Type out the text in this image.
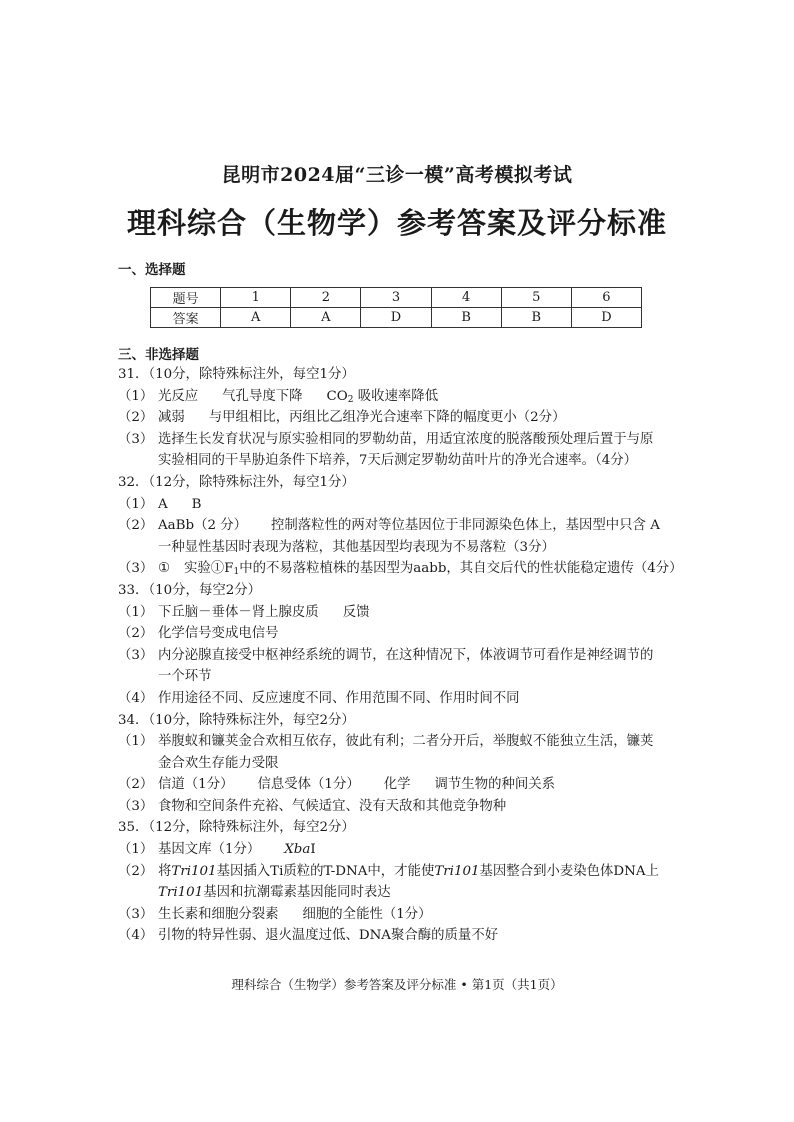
昆明市2024届“三诊一模”高考模拟考试
理科综合（生物学）参考答案及评分标准
一、选择题
题号	1	2	3	4	5	6
答案	A	A	D	B	B	D
三、非选择题
31．（10分，除特殊标注外，每空1分）
（1） 光反应 气孔导度下降 $CO_2$ 吸收速率降低
（2） 减弱 与甲组相比，丙组比乙组净光合速率下降的幅度更小（2分）
（3） 选择生长发育状况与原实验相同的罗勒幼苗，用适宜浓度的脱落酸预处理后置于与原
实验相同的干旱胁迫条件下培养，7天后测定罗勒幼苗叶片的净光合速率。（4分）
32．（12分，除特殊标注外，每空1分）
（1） A B
（2） AaBb（2 分） 控制落粒性的两对等位基因位于非同源染色体上，基因型中只含 A
一种显性基因时表现为落粒，其他基因型均表现为不易落粒（3分）
（3） ① 实验$①F_1$中的不易落粒植株的基因型为aabb，其自交后代的性状能稳定遗传（4分）
33．（10分，每空2分）
（1） 下丘脑－垂体－肾上腺皮质 反馈
（2） 化学信号变成电信号
（3） 内分泌腺直接受中枢神经系统的调节，在这种情况下，体液调节可看作是神经调节的
一个环节
（4） 作用途径不同、反应速度不同、作用范围不同、作用时间不同
34．（10分，除特殊标注外，每空2分）
（1） 举腹蚁和镰荚金合欢相互依存，彼此有利；二者分开后，举腹蚁不能独立生活，镰荚
金合欢生存能力受限
（2） 信道（1分） 信息受体（1分） 化学 调节生物的种间关系
（3） 食物和空间条件充裕、气候适宜、没有天敌和其他竞争物种
35．（12分，除特殊标注外，每空2分）
（1） 基因文库（1分） XbaⅠ
（2） 将Tri101基因插入Ti质粒的T-DNA中，才能使Tri101基因整合到小麦染色体DNA上
Tri101基因和抗潮霉素基因能同时表达
（3） 生长素和细胞分裂素 细胞的全能性（1分）
（4） 引物的特异性弱、退火温度过低、DNA聚合酶的质量不好
理科综合（生物学）参考答案及评分标准 • 第1页（共1页）
